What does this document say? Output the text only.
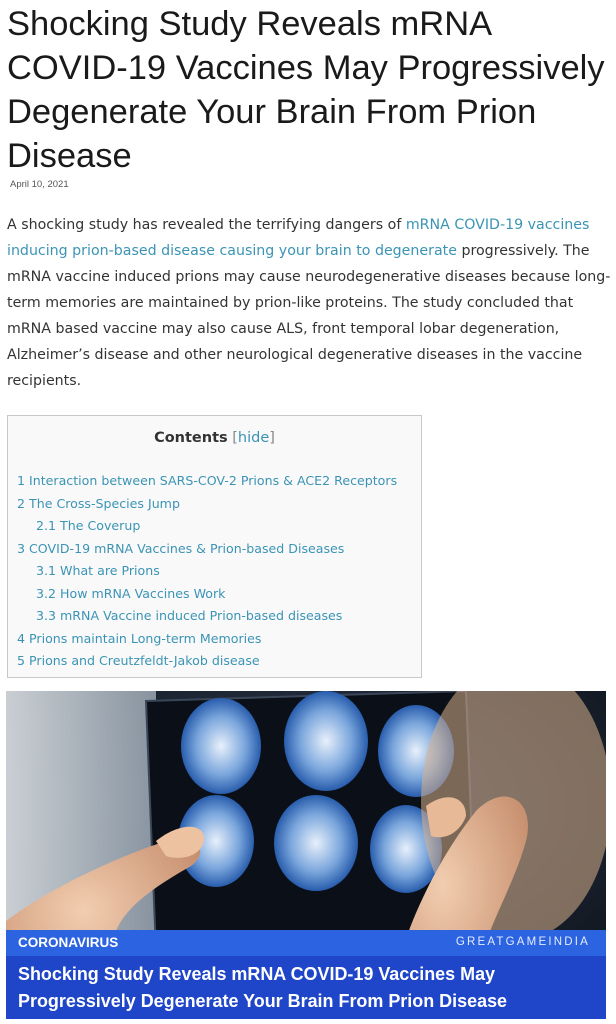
Shocking Study Reveals mRNA COVID-19 Vaccines May Progressively Degenerate Your Brain From Prion Disease
April 10, 2021

A shocking study has revealed the terrifying dangers of mRNA COVID-19 vaccines inducing prion-based disease causing your brain to degenerate progressively. The mRNA vaccine induced prions may cause neurodegenerative diseases because long-term memories are maintained by prion-like proteins. The study concluded that mRNA based vaccine may also cause ALS, front temporal lobar degeneration, Alzheimer’s disease and other neurological degenerative diseases in the vaccine recipients.

Contents [hide]
1 Interaction between SARS-COV-2 Prions & ACE2 Receptors
2 The Cross-Species Jump
2.1 The Coverup
3 COVID-19 mRNA Vaccines & Prion-based Diseases
3.1 What are Prions
3.2 How mRNA Vaccines Work
3.3 mRNA Vaccine induced Prion-based diseases
4 Prions maintain Long-term Memories
5 Prions and Creutzfeldt-Jakob disease
CORONAVIRUS	GREATGAMEINDIA
Shocking Study Reveals mRNA COVID-19 Vaccines May Progressively Degenerate Your Brain From Prion Disease
